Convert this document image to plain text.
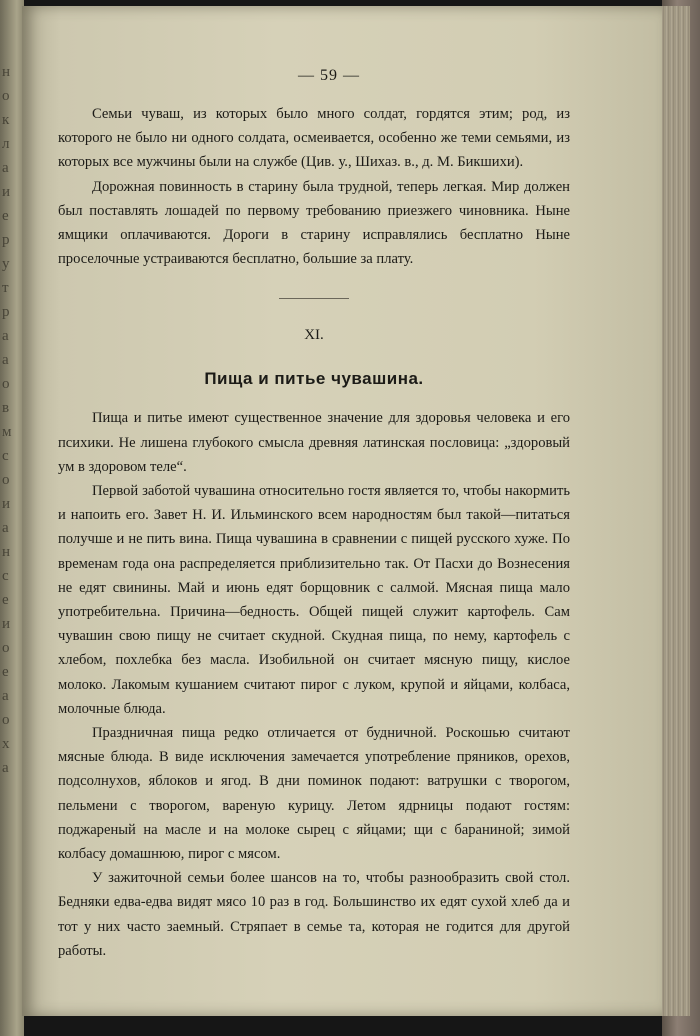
н
о
к
л
а
и
е
р
у
т
р
а
а
о
в
м
с
о
и
а
н
с
е
и
о
е
а
о
х
а
— 59 —

Семьи чуваш, из которых было много солдат, гордятся этим; род, из которого не было ни одного солдата, осмеивается, особенно же теми семьями, из которых все мужчины были на службе (Цив. у., Шихаз. в., д. М. Бикшихи).

Дорожная повинность в старину была трудной, теперь легкая. Мир должен был поставлять лошадей по первому требованию приезжего чиновника. Ныне ямщики оплачиваются. Дороги в старину исправлялись бесплатно Ныне проселочные устраиваются бесплатно, большие за плату.

XI.
Пища и питье чувашина.

Пища и питье имеют существенное значение для здоровья человека и его психики. Не лишена глубокого смысла древняя латинская пословица: „здоровый ум в здоровом теле“.

Первой заботой чувашина относительно гостя является то, чтобы накормить и напоить его. Завет Н. И. Ильминского всем народностям был такой—питаться получше и не пить вина. Пища чувашина в сравнении с пищей русского хуже. По временам года она распределяется приблизительно так. От Пасхи до Вознесения не едят свинины. Май и июнь едят борщовник с салмой. Мясная пища мало употребительна. Причина—бедность. Общей пищей служит картофель. Сам чувашин свою пищу не считает скудной. Скудная пища, по нему, картофель с хлебом, похлебка без масла. Изобильной он считает мясную пищу, кислое молоко. Лакомым кушанием считают пирог с луком, крупой и яйцами, колбаса, молочные блюда.

Праздничная пища редко отличается от будничной. Роскошью считают мясные блюда. В виде исключения замечается употребление пряников, орехов, подсолнухов, яблоков и ягод. В дни поминок подают: ватрушки с творогом, пельмени с творогом, вареную курицу. Летом ядрницы подают гостям: поджареный на масле и на молоке сырец с яйцами; щи с бараниной; зимой колбасу домашнюю, пирог с мясом.

У зажиточной семьи более шансов на то, чтобы разнообразить свой стол. Бедняки едва-едва видят мясо 10 раз в год. Большинство их едят сухой хлеб да и тот у них часто заемный. Стряпает в семье та, которая не годится для другой работы.
